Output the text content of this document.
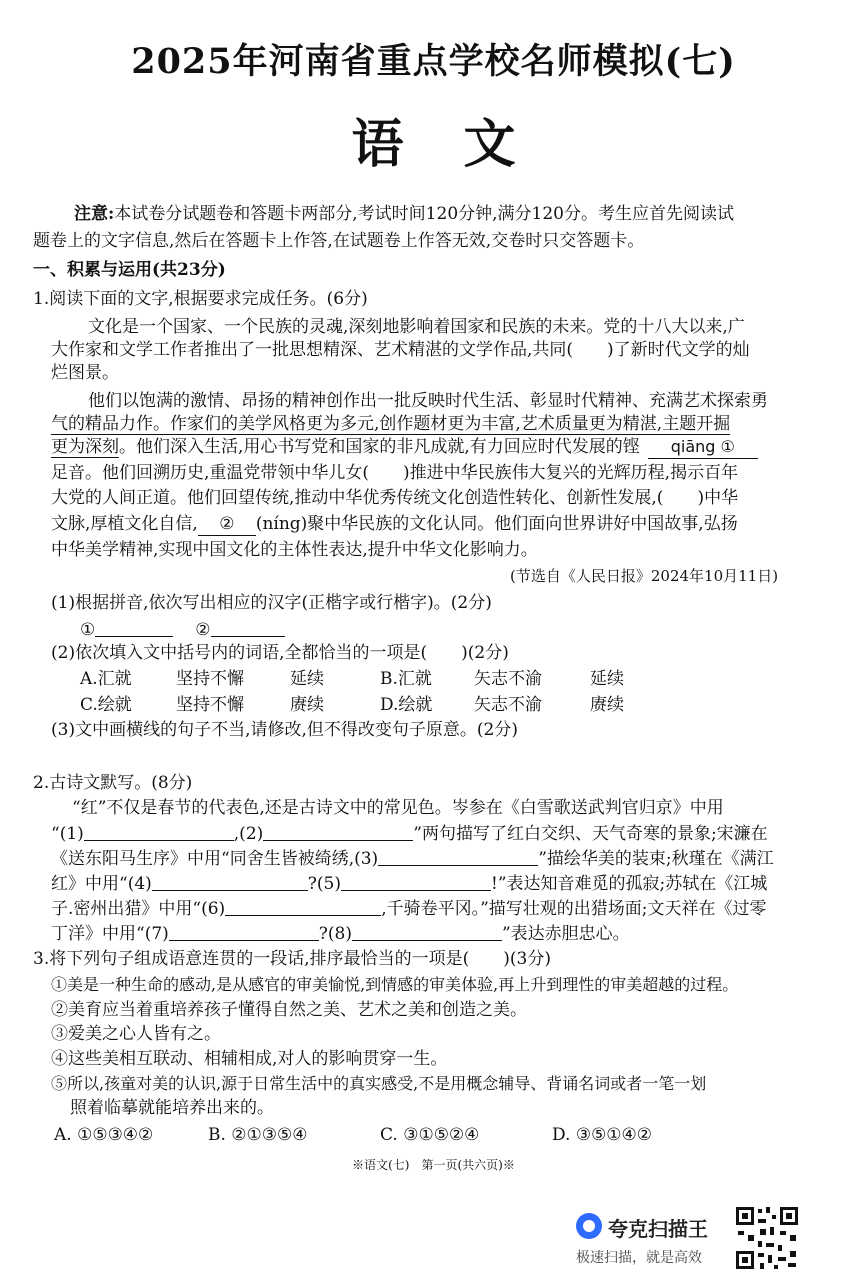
2025年河南省重点学校名师模拟(七)
语文
注意:本试卷分试题卷和答题卡两部分,考试时间120分钟,满分120分。考生应首先阅读试
题卷上的文字信息,然后在答题卡上作答,在试题卷上作答无效,交卷时只交答题卡。
一、积累与运用(共23分)
1.阅读下面的文字,根据要求完成任务。(6分)
文化是一个国家、一个民族的灵魂,深刻地影响着国家和民族的未来。党的十八大以来,广
大作家和文学工作者推出了一批思想精深、艺术精湛的文学作品,共同(　　)了新时代文学的灿
烂图景。
他们以饱满的激情、昂扬的精神创作出一批反映时代生活、彰显时代精神、充满艺术探索勇
气的精品力作。作家们的美学风格更为多元,创作题材更为丰富,艺术质量更为精湛,主题开掘
更为深刻。他们深入生活,用心书写党和国家的非凡成就,有力回应时代发展的铿 qiāng ①
足音。他们回溯历史,重温党带领中华儿女(　　)推进中华民族伟大复兴的光辉历程,揭示百年
大党的人间正道。他们回望传统,推动中华优秀传统文化创造性转化、创新性发展,(　　)中华
文脉,厚植文化自信, ② (níng)聚中华民族的文化认同。他们面向世界讲好中国故事,弘扬
中华美学精神,实现中国文化的主体性表达,提升中华文化影响力。
(节选自《人民日报》2024年10月11日)
(1)根据拼音,依次写出相应的汉字(正楷字或行楷字)。(2分)
①	②
(2)依次填入文中括号内的词语,全都恰当的一项是(　　)(2分)
A.汇就	坚持不懈	延续	B.汇就 矢志不渝	延续
C.绘就	坚持不懈	赓续	D.绘就 矢志不渝	赓续
(3)文中画横线的句子不当,请修改,但不得改变句子原意。(2分)
2.古诗文默写。(8分)
“红”不仅是春节的代表色,还是古诗文中的常见色。岑参在《白雪歌送武判官归京》中用
“(1)	,(2)	”两句描写了红白交织、天气奇寒的景象;宋濂在
《送东阳马生序》中用“同舍生皆被绮绣,(3)	”描绘华美的装束;秋瑾在《满江
红》中用“(4)	?(5)	!”表达知音难觅的孤寂;苏轼在《江城
子.密州出猎》中用“(6)	,千骑卷平冈。”描写壮观的出猎场面;文天祥在《过零
丁洋》中用“(7)	?(8)	”表达赤胆忠心。
3.将下列句子组成语意连贯的一段话,排序最恰当的一项是(　　)(3分)
①美是一种生命的感动,是从感官的审美愉悦,到情感的审美体验,再上升到理性的审美超越的过程。
②美育应当着重培养孩子懂得自然之美、艺术之美和创造之美。
③爱美之心人皆有之。
④这些美相互联动、相辅相成,对人的影响贯穿一生。
⑤所以,孩童对美的认识,源于日常生活中的真实感受,不是用概念辅导、背诵名词或者一笔一划
照着临摹就能培养出来的。
A. ①⑤③④②	B. ②①③⑤④	C. ③①⑤②④	D. ③⑤①④②
※语文(七)　第一页(共六页)※
夸克扫描王
极速扫描，就是高效
